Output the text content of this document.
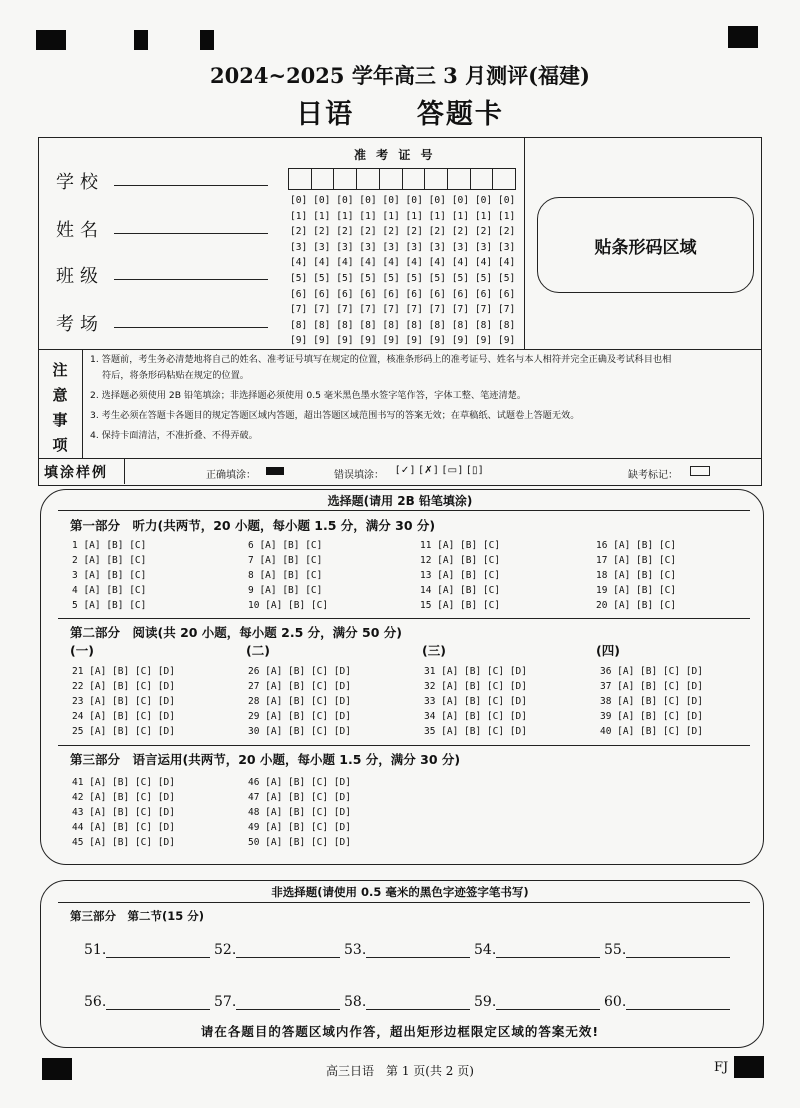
2024~2025 学年高三 3 月测评(福建)
日语 答题卡
学校
姓名
班级
考场
准 考 证 号
[0] [0] [0] [0] [0] [0] [0] [0] [0] [0]
[1] [1] [1] [1] [1] [1] [1] [1] [1] [1]
[2] [2] [2] [2] [2] [2] [2] [2] [2] [2]
[3] [3] [3] [3] [3] [3] [3] [3] [3] [3]
[4] [4] [4] [4] [4] [4] [4] [4] [4] [4]
[5] [5] [5] [5] [5] [5] [5] [5] [5] [5]
[6] [6] [6] [6] [6] [6] [6] [6] [6] [6]
[7] [7] [7] [7] [7] [7] [7] [7] [7] [7]
[8] [8] [8] [8] [8] [8] [8] [8] [8] [8]
[9] [9] [9] [9] [9] [9] [9] [9] [9] [9]
贴条形码区域
注
意
事
项

1. 答题前，考生务必清楚地将自己的姓名、准考证号填写在规定的位置，核准条形码上的准考证号、姓名与本人相符并完全正确及考试科目也相

符后，将条形码粘贴在规定的位置。

2. 选择题必须使用 2B 铅笔填涂；非选择题必须使用 0.5 毫米黑色墨水签字笔作答，字体工整、笔迹清楚。

3. 考生必须在答题卡各题目的规定答题区域内答题，超出答题区域范围书写的答案无效；在草稿纸、试题卷上答题无效。

4. 保持卡面清洁，不准折叠、不得弄破。

填涂样例	正确填涂：	错误填涂： [✓] [✗] [▭] [▯]	缺考标记：
选择题(请用 2B 铅笔填涂)
第一部分　听力(共两节，20 小题，每小题 1.5 分，满分 30 分)
1 [A] [B] [C]
2 [A] [B] [C]
3 [A] [B] [C]
4 [A] [B] [C]
5 [A] [B] [C]
6 [A] [B] [C]
7 [A] [B] [C]
8 [A] [B] [C]
9 [A] [B] [C]
10 [A] [B] [C]
11 [A] [B] [C]
12 [A] [B] [C]
13 [A] [B] [C]
14 [A] [B] [C]
15 [A] [B] [C]
16 [A] [B] [C]
17 [A] [B] [C]
18 [A] [B] [C]
19 [A] [B] [C]
20 [A] [B] [C]
第二部分　阅读(共 20 小题，每小题 2.5 分，满分 50 分)
(一)	(二)	(三)	(四)
21 [A] [B] [C] [D]
22 [A] [B] [C] [D]
23 [A] [B] [C] [D]
24 [A] [B] [C] [D]
25 [A] [B] [C] [D]
26 [A] [B] [C] [D]
27 [A] [B] [C] [D]
28 [A] [B] [C] [D]
29 [A] [B] [C] [D]
30 [A] [B] [C] [D]
31 [A] [B] [C] [D]
32 [A] [B] [C] [D]
33 [A] [B] [C] [D]
34 [A] [B] [C] [D]
35 [A] [B] [C] [D]
36 [A] [B] [C] [D]
37 [A] [B] [C] [D]
38 [A] [B] [C] [D]
39 [A] [B] [C] [D]
40 [A] [B] [C] [D]
第三部分　语言运用(共两节，20 小题，每小题 1.5 分，满分 30 分)
41 [A] [B] [C] [D]
42 [A] [B] [C] [D]
43 [A] [B] [C] [D]
44 [A] [B] [C] [D]
45 [A] [B] [C] [D]
46 [A] [B] [C] [D]
47 [A] [B] [C] [D]
48 [A] [B] [C] [D]
49 [A] [B] [C] [D]
50 [A] [B] [C] [D]
非选择题(请使用 0.5 毫米的黑色字迹签字笔书写)
第三部分　第二节(15 分)
51.	52.	53.	54.	55.
56.	57.	58.	59.	60.
请在各题目的答题区域内作答，超出矩形边框限定区域的答案无效!
高三日语　第 1 页(共 2 页)	FJ
